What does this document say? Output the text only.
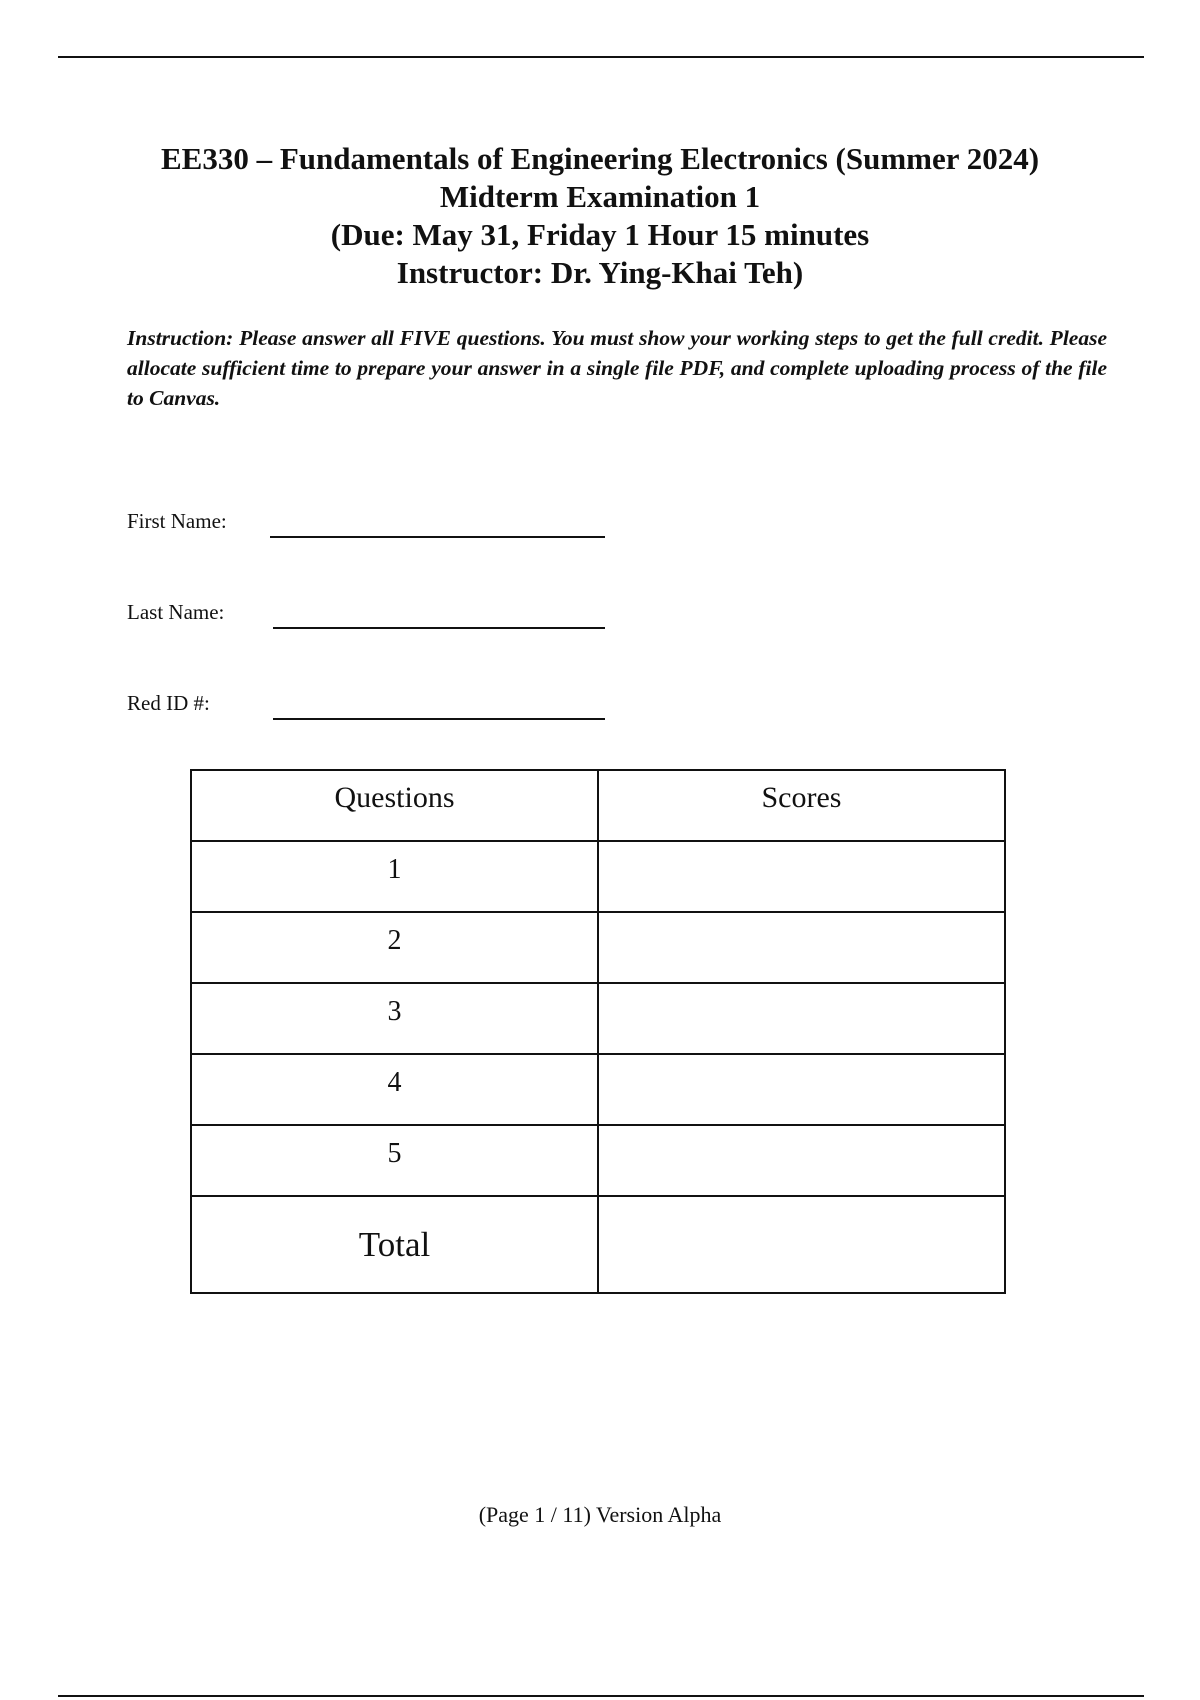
EE330 – Fundamentals of Engineering Electronics (Summer 2024)
Midterm Examination 1
(Due: May 31, Friday 1 Hour 15 minutes
Instructor: Dr. Ying-Khai Teh)
Instruction: Please answer all FIVE questions. You must show your working steps to get the full credit. Please allocate sufficient time to prepare your answer in a single file PDF, and complete uploading process of the file to Canvas.
First Name:
Last Name:
Red ID #:
Questions	Scores
1	
2	
3	
4	
5	
Total	
(Page 1 / 11) Version Alpha
